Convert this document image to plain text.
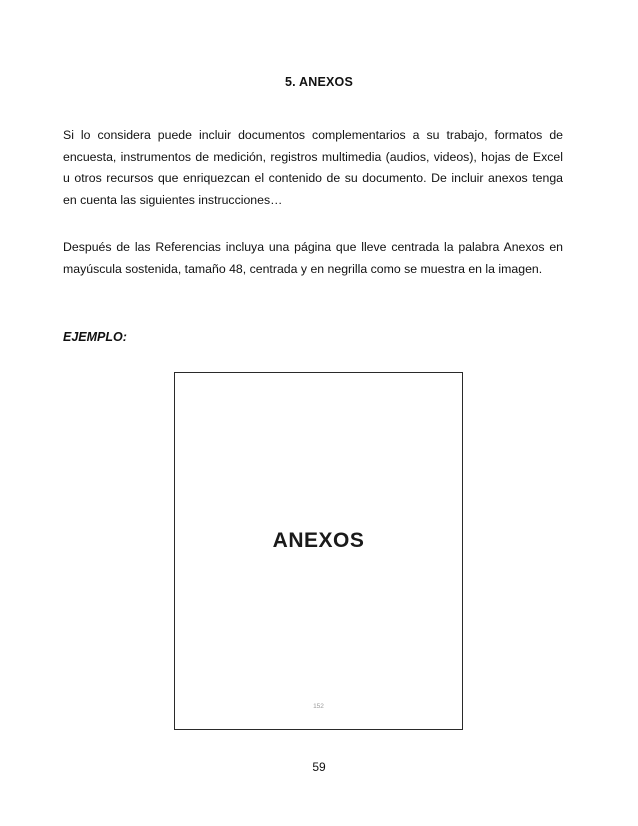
5. ANEXOS

Si lo considera puede incluir documentos complementarios a su trabajo, formatos de encuesta, instrumentos de medición, registros multimedia (audios, videos), hojas de Excel u otros recursos que enriquezcan el contenido de su documento. De incluir anexos tenga en cuenta las siguientes instrucciones…

Después de las Referencias incluya una página que lleve centrada la palabra Anexos en mayúscula sostenida, tamaño 48, centrada y en negrilla como se muestra en la imagen.

EJEMPLO:

ANEXOS
152
59
